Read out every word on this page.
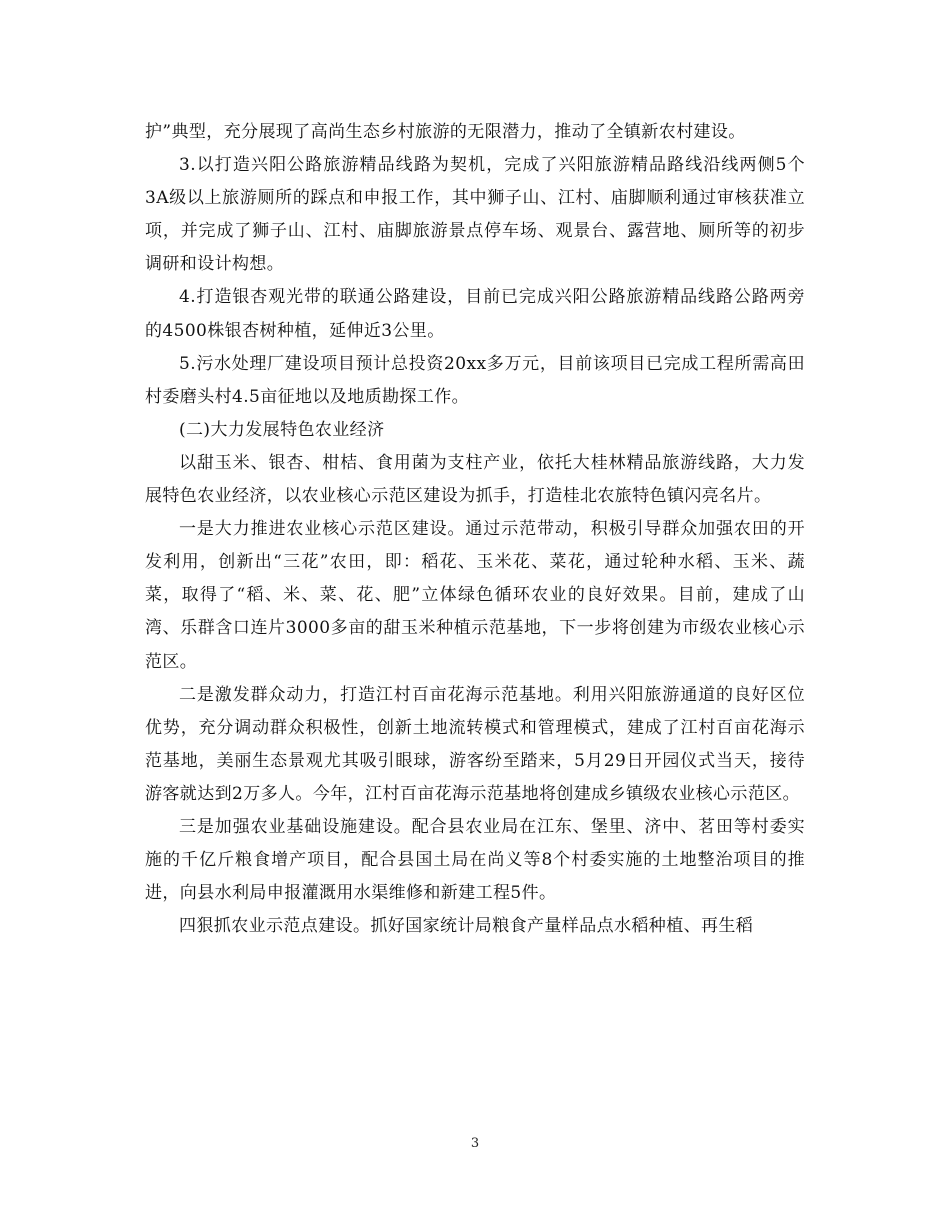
护”典型，充分展现了高尚生态乡村旅游的无限潜力，推动了全镇新农村建设。

3.以打造兴阳公路旅游精品线路为契机，完成了兴阳旅游精品路线沿线两侧5个3A级以上旅游厕所的踩点和申报工作，其中狮子山、江村、庙脚顺利通过审核获准立项，并完成了狮子山、江村、庙脚旅游景点停车场、观景台、露营地、厕所等的初步调研和设计构想。

4.打造银杏观光带的联通公路建设，目前已完成兴阳公路旅游精品线路公路两旁的4500株银杏树种植，延伸近3公里。

5.污水处理厂建设项目预计总投资20xx多万元，目前该项目已完成工程所需高田村委磨头村4.5亩征地以及地质勘探工作。

(二)大力发展特色农业经济

以甜玉米、银杏、柑桔、食用菌为支柱产业，依托大桂林精品旅游线路，大力发展特色农业经济，以农业核心示范区建设为抓手，打造桂北农旅特色镇闪亮名片。

一是大力推进农业核心示范区建设。通过示范带动，积极引导群众加强农田的开发利用，创新出“三花”农田，即：稻花、玉米花、菜花，通过轮种水稻、玉米、蔬菜，取得了“稻、米、菜、花、肥”立体绿色循环农业的良好效果。目前，建成了山湾、乐群含口连片3000多亩的甜玉米种植示范基地，下一步将创建为市级农业核心示范区。

二是激发群众动力，打造江村百亩花海示范基地。利用兴阳旅游通道的良好区位优势，充分调动群众积极性，创新土地流转模式和管理模式，建成了江村百亩花海示范基地，美丽生态景观尤其吸引眼球，游客纷至踏来，5月29日开园仪式当天，接待游客就达到2万多人。今年，江村百亩花海示范基地将创建成乡镇级农业核心示范区。

三是加强农业基础设施建设。配合县农业局在江东、堡里、济中、茗田等村委实施的千亿斤粮食增产项目，配合县国土局在尚义等8个村委实施的土地整治项目的推进，向县水利局申报灌溉用水渠维修和新建工程5件。

四狠抓农业示范点建设。抓好国家统计局粮食产量样品点水稻种植、再生稻

3
